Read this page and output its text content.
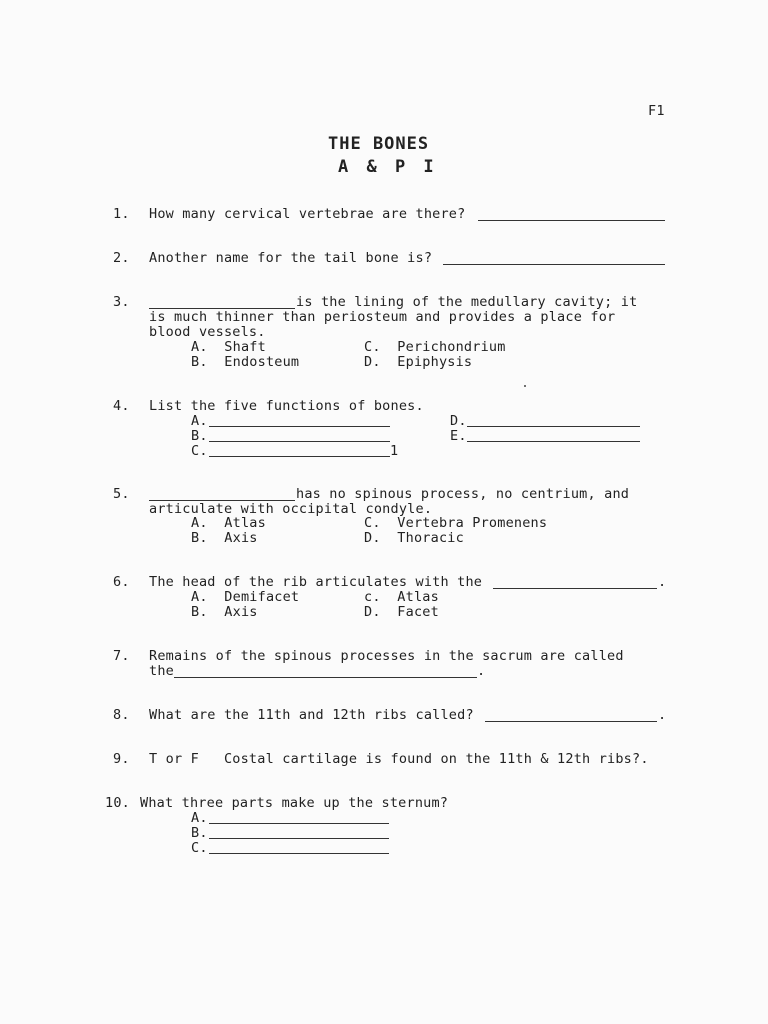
F1
THE BONES
A & P I
1. How many cervical vertebrae are there?
2. Another name for the tail bone is?
3.	is the lining of the medullary cavity; it
is much thinner than periosteum and provides a place for
blood vessels.
A.  Shaft
B.  Endosteum
C.  Perichondrium
D.  Epiphysis
4. List the five functions of bones.
A.
B.
C.	1
D.
E.
5.	has no spinous process, no centrium, and
articulate with occipital condyle.
A.  Atlas
B.  Axis
C.  Vertebra Promenens
D.  Thoracic
6. The head of the rib articulates with the	.
A.  Demifacet
B.  Axis
c.  Atlas
D.  Facet
7. Remains of the spinous processes in the sacrum are called
the	.
8. What are the 11th and 12th ribs called?	.
9. T or F   Costal cartilage is found on the 11th & 12th ribs?.
10. What three parts make up the sternum?
A.
B.
C.
